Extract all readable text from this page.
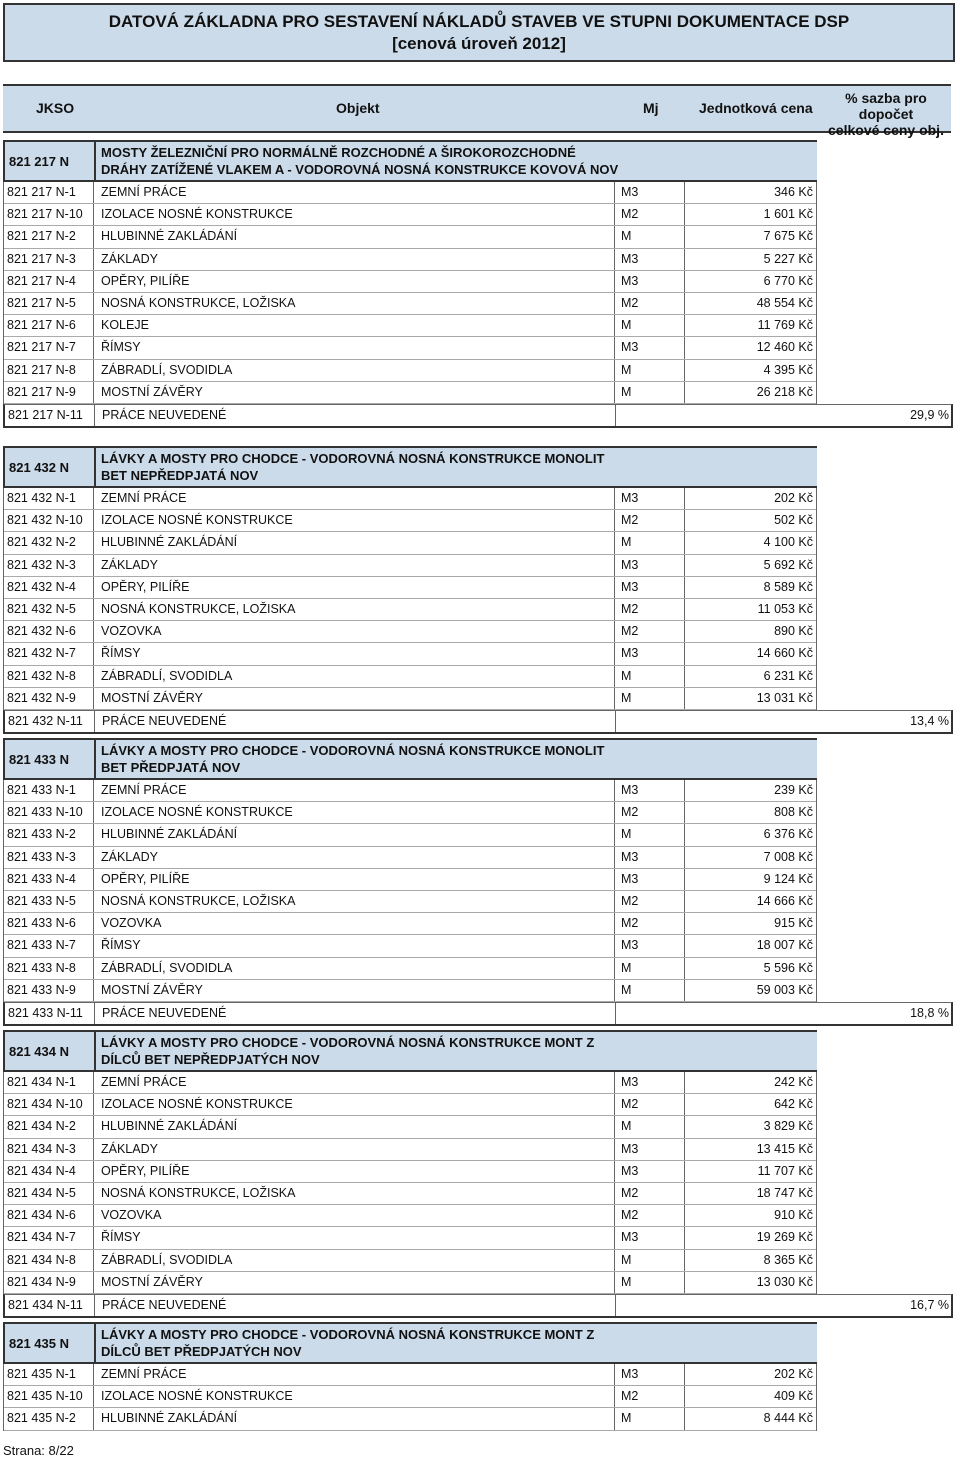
DATOVÁ ZÁKLADNA PRO SESTAVENÍ NÁKLADŮ STAVEB VE STUPNI DOKUMENTACE DSP
[cenová úroveň 2012]
JKSO	Objekt	Mj	Jednotková cena
% sazba pro dopočet
celkové ceny obj.
821 217 N
MOSTY ŽELEZNIČNÍ PRO NORMÁLNĚ ROZCHODNÉ A ŠIROKOROZCHODNÉ DRÁHY ZATÍŽENÉ VLAKEM A - VODOROVNÁ NOSNÁ KONSTRUKCE KOVOVÁ NOV
821 217 N-1 ZEMNÍ PRÁCE	M3	346 Kč
821 217 N-10 IZOLACE NOSNÉ KONSTRUKCE	M2	1 601 Kč
821 217 N-2 HLUBINNÉ ZAKLÁDÁNÍ	M	7 675 Kč
821 217 N-3 ZÁKLADY	M3	5 227 Kč
821 217 N-4 OPĚRY, PILÍŘE	M3	6 770 Kč
821 217 N-5 NOSNÁ KONSTRUKCE, LOŽISKA	M2	48 554 Kč
821 217 N-6 KOLEJE	M	11 769 Kč
821 217 N-7 ŘÍMSY	M3	12 460 Kč
821 217 N-8 ZÁBRADLÍ, SVODIDLA	M	4 395 Kč
821 217 N-9 MOSTNÍ ZÁVĚRY	M	26 218 Kč
821 217 N-11 PRÁCE NEUVEDENÉ	29,9 %
821 432 N
LÁVKY A MOSTY PRO CHODCE - VODOROVNÁ NOSNÁ KONSTRUKCE MONOLIT BET NEPŘEDPJATÁ NOV
821 432 N-1 ZEMNÍ PRÁCE	M3	202 Kč
821 432 N-10 IZOLACE NOSNÉ KONSTRUKCE	M2	502 Kč
821 432 N-2 HLUBINNÉ ZAKLÁDÁNÍ	M	4 100 Kč
821 432 N-3 ZÁKLADY	M3	5 692 Kč
821 432 N-4 OPĚRY, PILÍŘE	M3	8 589 Kč
821 432 N-5 NOSNÁ KONSTRUKCE, LOŽISKA	M2	11 053 Kč
821 432 N-6 VOZOVKA	M2	890 Kč
821 432 N-7 ŘÍMSY	M3	14 660 Kč
821 432 N-8 ZÁBRADLÍ, SVODIDLA	M	6 231 Kč
821 432 N-9 MOSTNÍ ZÁVĚRY	M	13 031 Kč
821 432 N-11 PRÁCE NEUVEDENÉ	13,4 %
821 433 N
LÁVKY A MOSTY PRO CHODCE - VODOROVNÁ NOSNÁ KONSTRUKCE MONOLIT BET PŘEDPJATÁ NOV
821 433 N-1 ZEMNÍ PRÁCE	M3	239 Kč
821 433 N-10 IZOLACE NOSNÉ KONSTRUKCE	M2	808 Kč
821 433 N-2 HLUBINNÉ ZAKLÁDÁNÍ	M	6 376 Kč
821 433 N-3 ZÁKLADY	M3	7 008 Kč
821 433 N-4 OPĚRY, PILÍŘE	M3	9 124 Kč
821 433 N-5 NOSNÁ KONSTRUKCE, LOŽISKA	M2	14 666 Kč
821 433 N-6 VOZOVKA	M2	915 Kč
821 433 N-7 ŘÍMSY	M3	18 007 Kč
821 433 N-8 ZÁBRADLÍ, SVODIDLA	M	5 596 Kč
821 433 N-9 MOSTNÍ ZÁVĚRY	M	59 003 Kč
821 433 N-11 PRÁCE NEUVEDENÉ	18,8 %
821 434 N
LÁVKY A MOSTY PRO CHODCE - VODOROVNÁ NOSNÁ KONSTRUKCE MONT Z DÍLCŮ BET NEPŘEDPJATÝCH NOV
821 434 N-1 ZEMNÍ PRÁCE	M3	242 Kč
821 434 N-10 IZOLACE NOSNÉ KONSTRUKCE	M2	642 Kč
821 434 N-2 HLUBINNÉ ZAKLÁDÁNÍ	M	3 829 Kč
821 434 N-3 ZÁKLADY	M3	13 415 Kč
821 434 N-4 OPĚRY, PILÍŘE	M3	11 707 Kč
821 434 N-5 NOSNÁ KONSTRUKCE, LOŽISKA	M2	18 747 Kč
821 434 N-6 VOZOVKA	M2	910 Kč
821 434 N-7 ŘÍMSY	M3	19 269 Kč
821 434 N-8 ZÁBRADLÍ, SVODIDLA	M	8 365 Kč
821 434 N-9 MOSTNÍ ZÁVĚRY	M	13 030 Kč
821 434 N-11 PRÁCE NEUVEDENÉ	16,7 %
821 435 N
LÁVKY A MOSTY PRO CHODCE - VODOROVNÁ NOSNÁ KONSTRUKCE MONT Z DÍLCŮ BET PŘEDPJATÝCH NOV
821 435 N-1 ZEMNÍ PRÁCE	M3	202 Kč
821 435 N-10 IZOLACE NOSNÉ KONSTRUKCE	M2	409 Kč
821 435 N-2 HLUBINNÉ ZAKLÁDÁNÍ	M	8 444 Kč
Strana: 8/22
